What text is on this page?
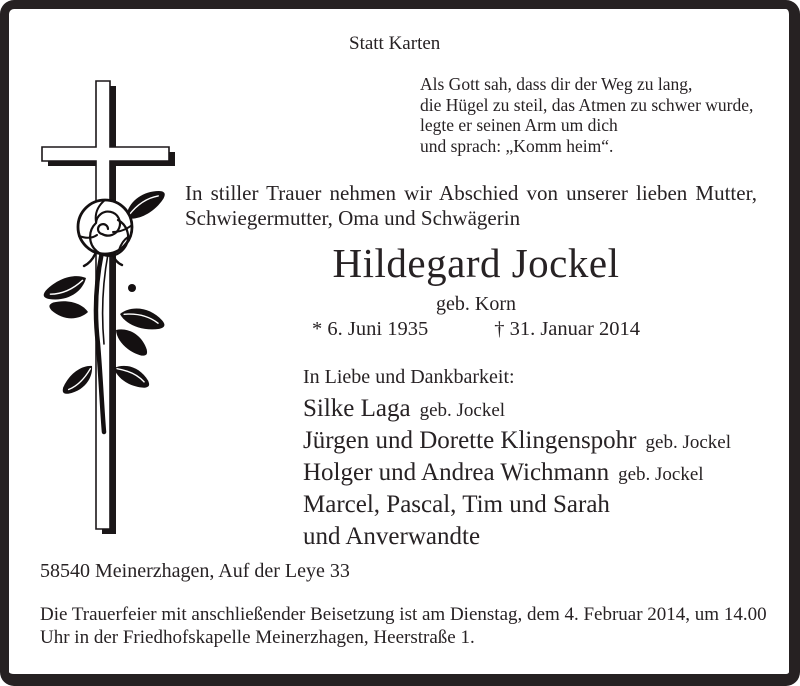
Statt Karten
Als Gott sah, dass dir der Weg zu lang,
die Hügel zu steil, das Atmen zu schwer wurde,
legte er seinen Arm um dich
und sprach: „Komm heim“.
In stiller Trauer nehmen wir Abschied von unserer lieben Mutter, Schwiegermutter, Oma und Schwägerin
Hildegard Jockel
geb. Korn
* 6. Juni 1935	† 31. Januar 2014
In Liebe und Dankbarkeit:
Silke Laga geb. Jockel
Jürgen und Dorette Klingenspohr geb. Jockel
Holger und Andrea Wichmann geb. Jockel
Marcel, Pascal, Tim und Sarah
und Anverwandte
58540 Meinerzhagen, Auf der Leye 33
Die Trauerfeier mit anschließender Beisetzung ist am Dienstag, dem 4. Februar 2014, um 14.00 Uhr in der Friedhofskapelle Meinerzhagen, Heerstraße 1.
